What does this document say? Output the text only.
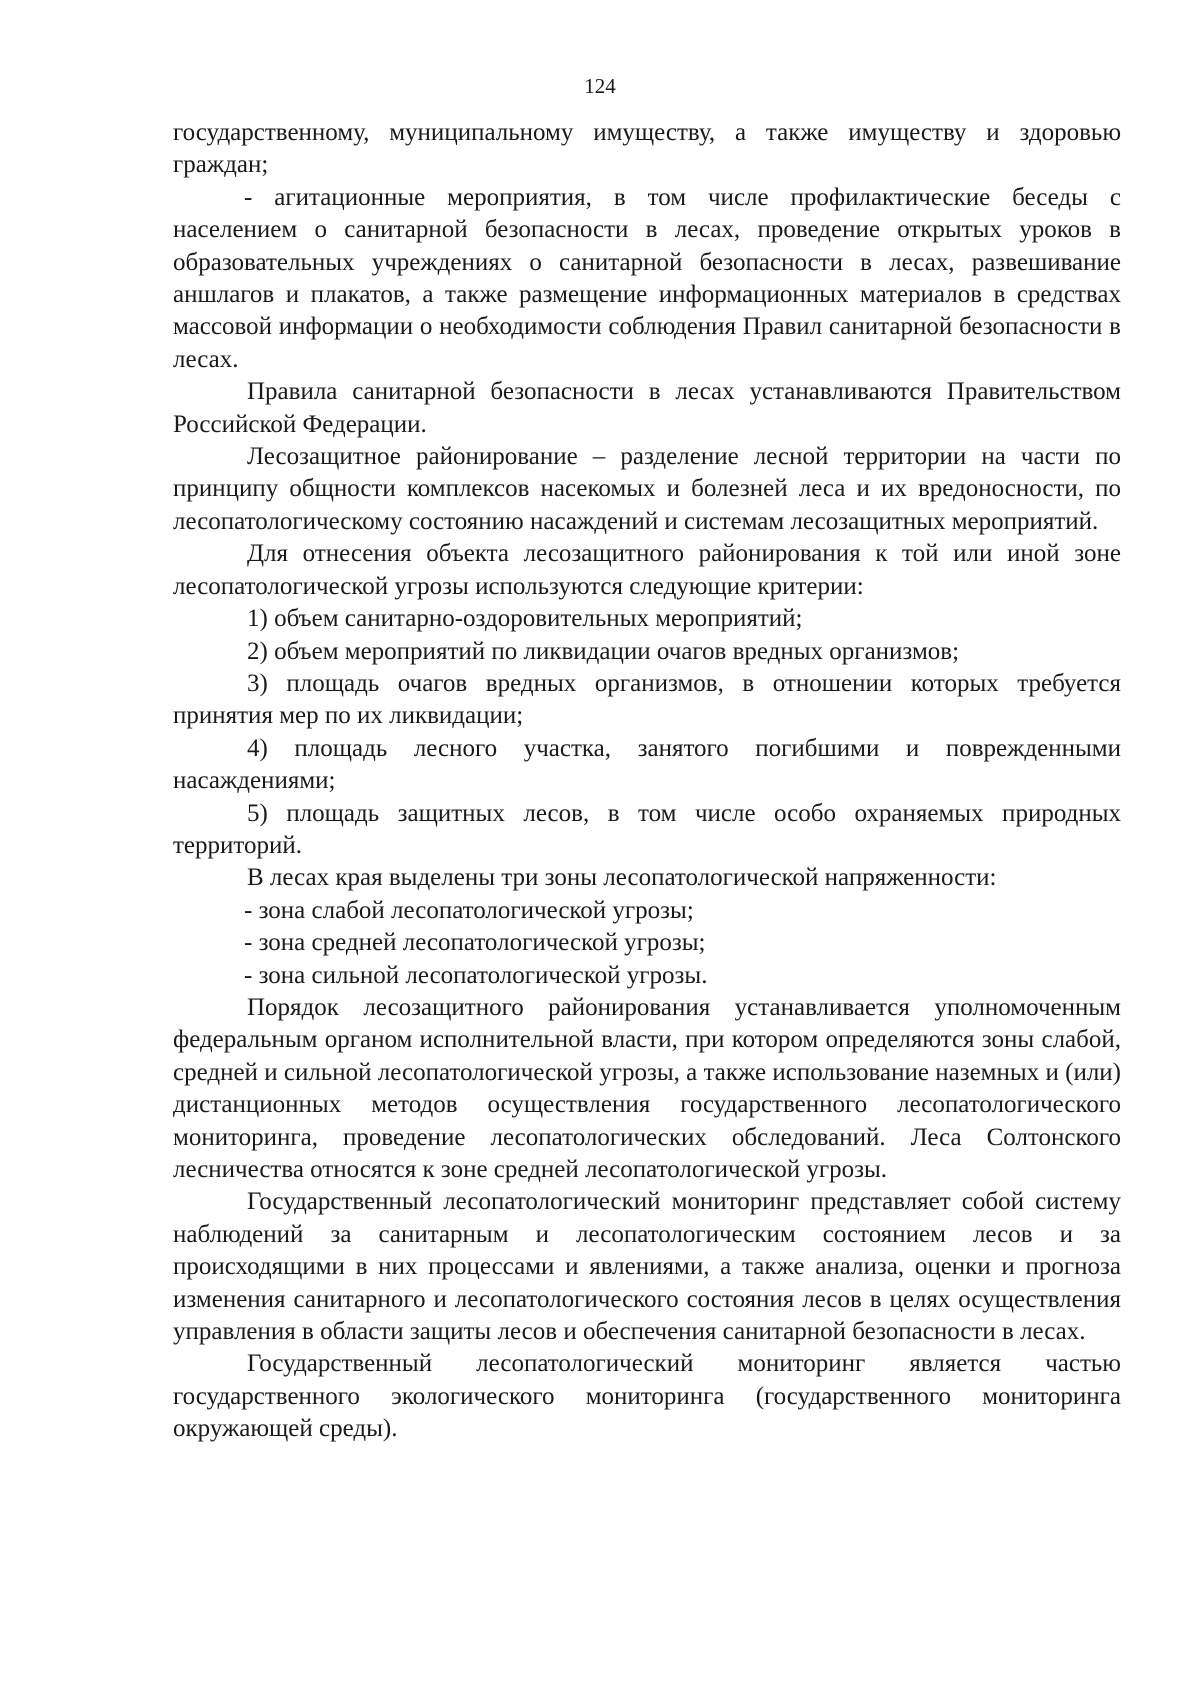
124

государственному, муниципальному имуществу, а также имуществу и здоровью граждан;

‑ агитационные мероприятия, в том числе профилактические беседы с населением о санитарной безопасности в лесах, проведение открытых уроков в образовательных учреждениях о санитарной безопасности в лесах, развешивание аншлагов и плакатов, а также размещение информационных материалов в средствах массовой информации о необходимости соблюдения Правил санитарной безопасности в лесах.

Правила санитарной безопасности в лесах устанавливаются Правительством Российской Федерации.

Лесозащитное районирование – разделение лесной территории на части по принципу общности комплексов насекомых и болезней леса и их вредоносности, по лесопатологическому состоянию насаждений и системам лесозащитных мероприятий.

Для отнесения объекта лесозащитного районирования к той или иной зоне лесопатологической угрозы используются следующие критерии:

1) объем санитарно-оздоровительных мероприятий;

2) объем мероприятий по ликвидации очагов вредных организмов;

3) площадь очагов вредных организмов, в отношении которых требуется принятия мер по их ликвидации;

4) площадь лесного участка, занятого погибшими и поврежденными насаждениями;

5) площадь защитных лесов, в том числе особо охраняемых природных территорий.

В лесах края выделены три зоны лесопатологической напряженности:

‑ зона слабой лесопатологической угрозы;

‑ зона средней лесопатологической угрозы;

‑ зона сильной лесопатологической угрозы.

Порядок лесозащитного районирования устанавливается уполномоченным федеральным органом исполнительной власти, при котором определяются зоны слабой, средней и сильной лесопатологической угрозы, а также использование наземных и (или) дистанционных методов осуществления государственного лесопатологического мониторинга, проведение лесопатологических обследований. Леса Солтонского лесничества относятся к зоне средней лесопатологической угрозы.

Государственный лесопатологический мониторинг представляет собой систему наблюдений за санитарным и лесопатологическим состоянием лесов и за происходящими в них процессами и явлениями, а также анализа, оценки и прогноза изменения санитарного и лесопатологического состояния лесов в целях осуществления управления в области защиты лесов и обеспечения санитарной безопасности в лесах.

Государственный лесопатологический мониторинг является частью государственного экологического мониторинга (государственного мониторинга окружающей среды).
